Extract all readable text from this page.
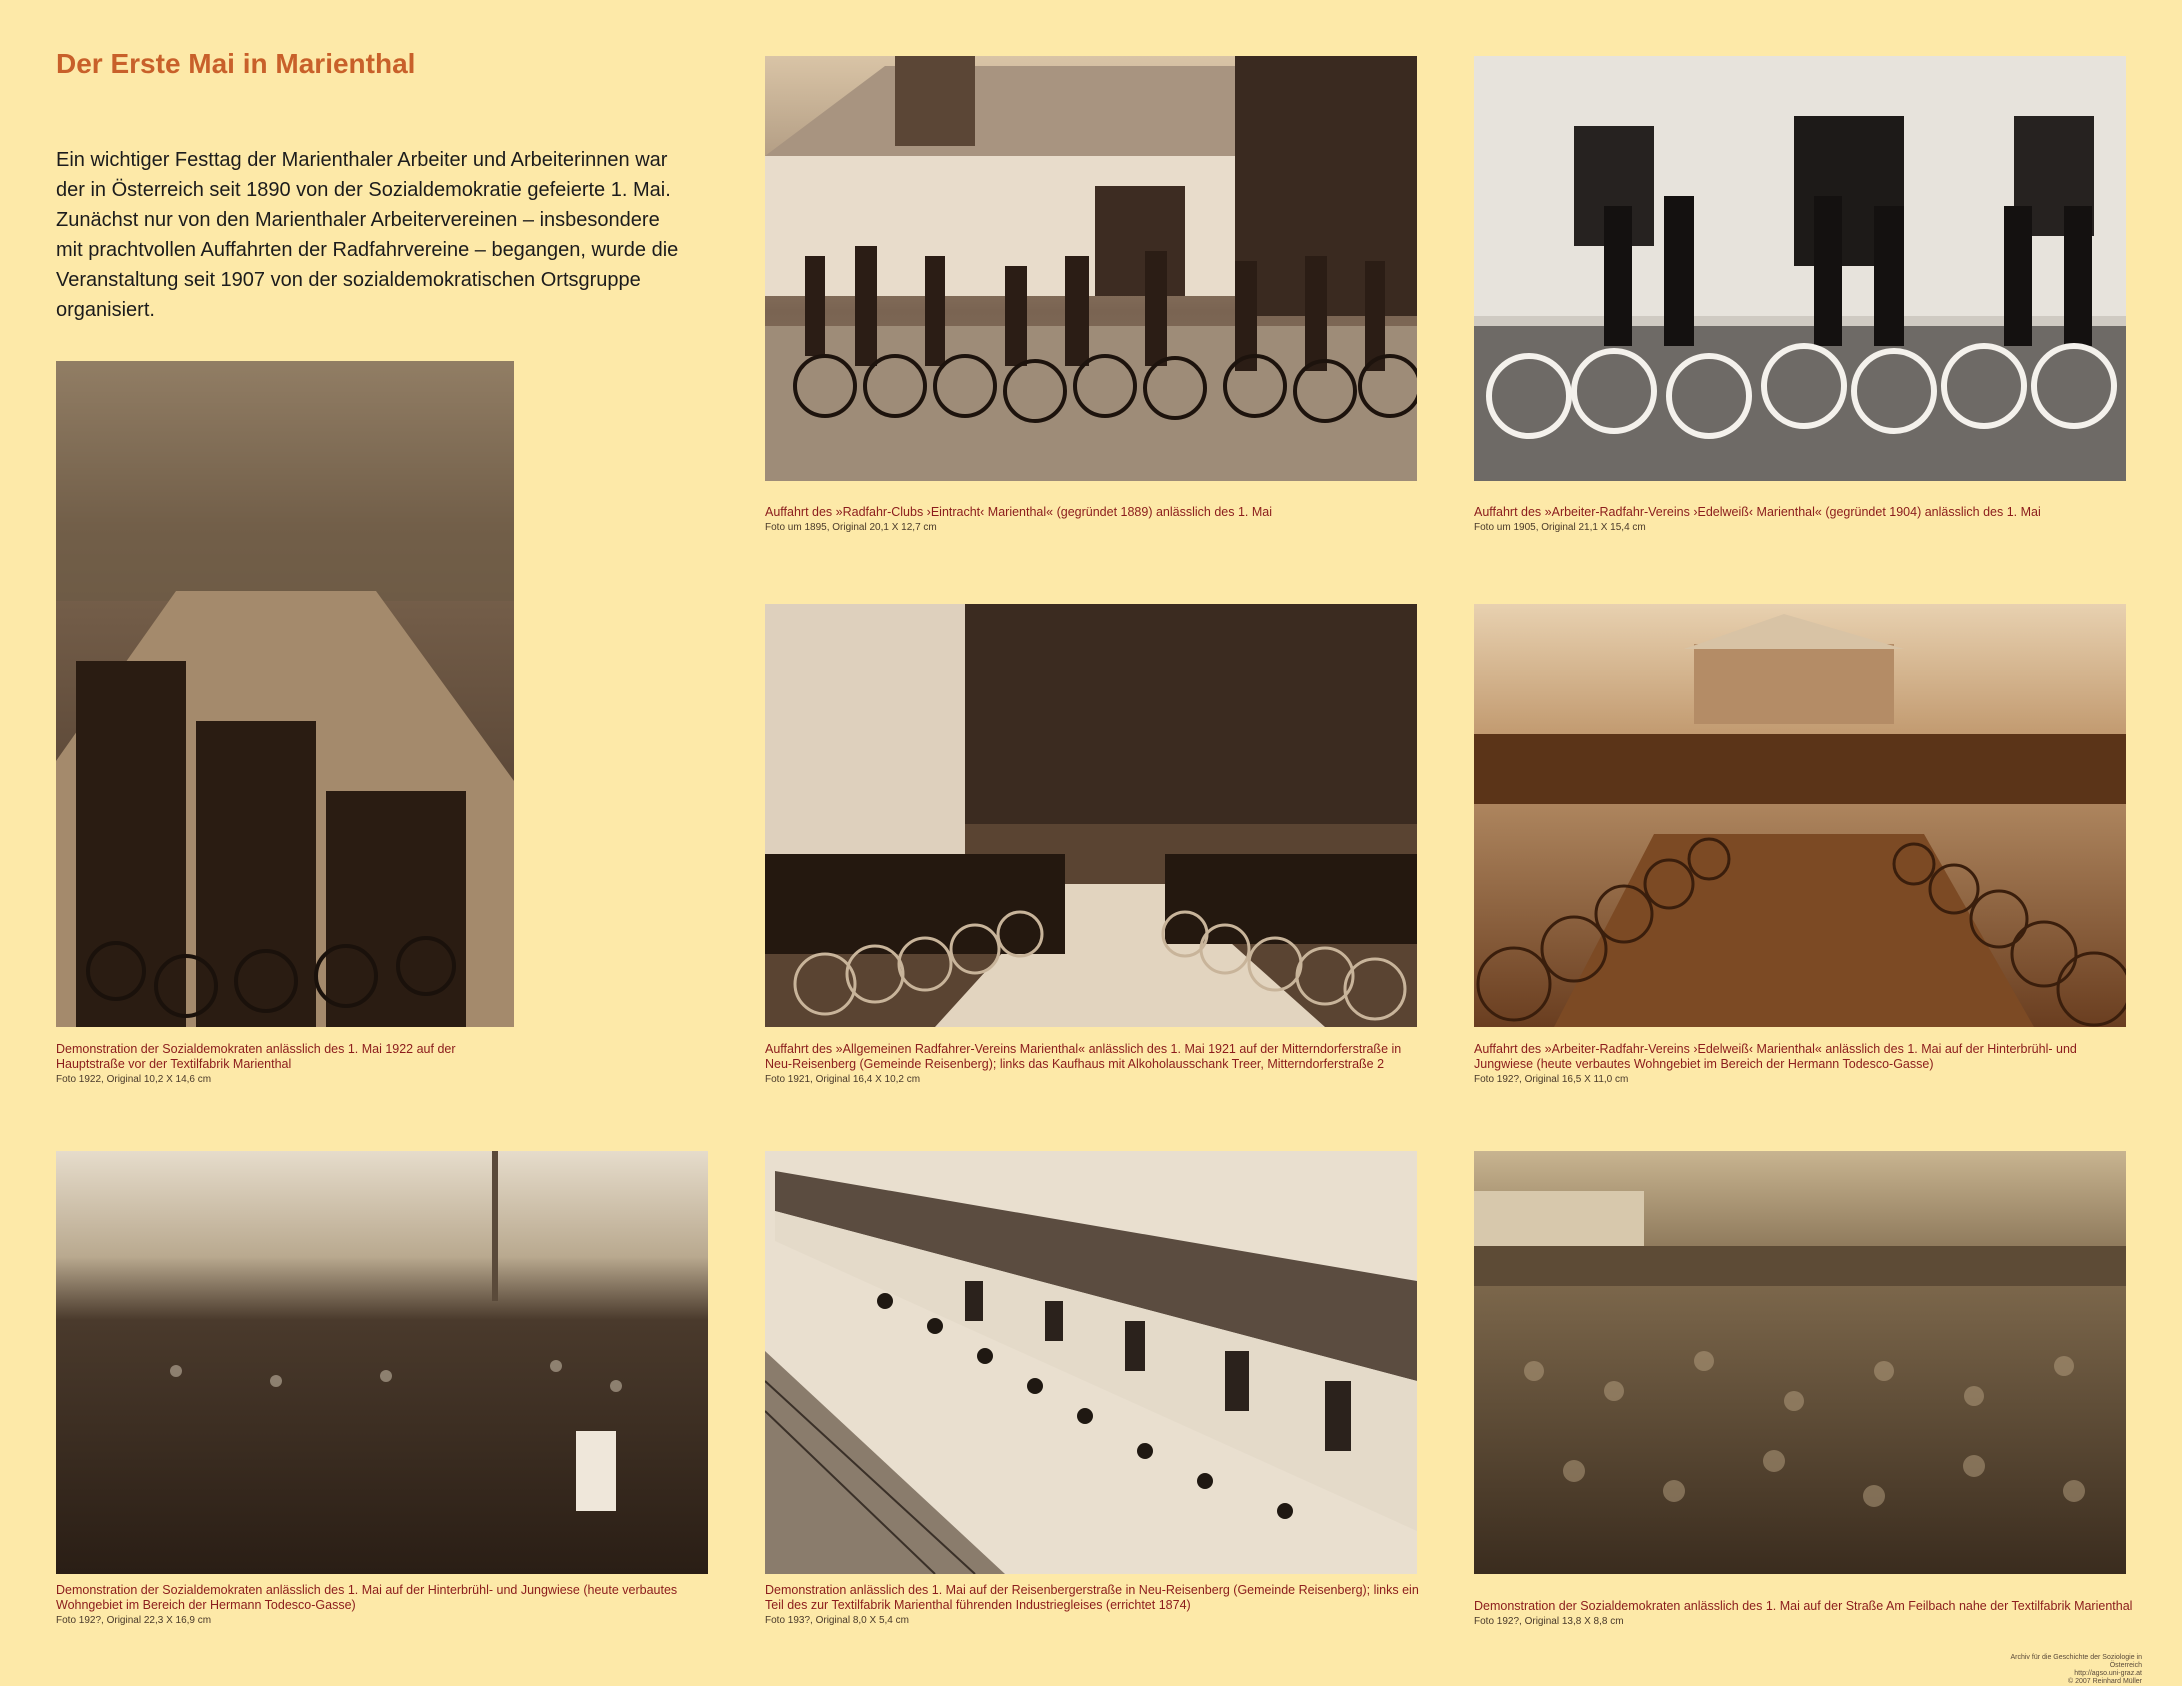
Der Erste Mai in Marienthal

Ein wichtiger Festtag der Marienthaler Arbeiter und Arbeiterinnen war der in Österreich seit 1890 von der Sozialdemokratie gefeierte 1. Mai. Zunächst nur von den Marienthaler Arbeitervereinen – insbesondere mit prachtvollen Auffahrten der Radfahrvereine – begangen, wurde die Veranstaltung seit 1907 von der sozialdemokratischen Ortsgruppe organisiert.

Auffahrt des »Radfahr-Clubs ›Eintracht‹ Marienthal« (gegründet 1889) anlässlich des 1. Mai
Foto um 1895, Original 20,1 X 12,7 cm

Auffahrt des »Arbeiter-Radfahr-Vereins ›Edelweiß‹ Marienthal« (gegründet 1904) anlässlich des 1. Mai
Foto um 1905, Original 21,1 X 15,4 cm

Demonstration der Sozialdemokraten anlässlich des 1. Mai 1922 auf der Hauptstraße vor der Textilfabrik Marienthal
Foto 1922, Original 10,2 X 14,6 cm

Auffahrt des »Allgemeinen Radfahrer-Vereins Marienthal« anlässlich des 1. Mai 1921 auf der Mitterndorferstraße in Neu-Reisenberg (Gemeinde Reisenberg); links das Kaufhaus mit Alkoholausschank Treer, Mitterndorferstraße 2
Foto 1921, Original 16,4 X 10,2 cm

Auffahrt des »Arbeiter-Radfahr-Vereins ›Edelweiß‹ Marienthal« anlässlich des 1. Mai auf der Hinterbrühl- und Jungwiese (heute verbautes Wohngebiet im Bereich der Hermann Todesco-Gasse)
Foto 192?, Original 16,5 X 11,0 cm

Demonstration der Sozialdemokraten anlässlich des 1. Mai auf der Hinterbrühl- und Jungwiese (heute verbautes Wohngebiet im Bereich der Hermann Todesco-Gasse)
Foto 192?, Original 22,3 X 16,9 cm

Demonstration anlässlich des 1. Mai auf der Reisenbergerstraße in Neu-Reisenberg (Gemeinde Reisenberg); links ein Teil des zur Textilfabrik Marienthal führenden Industriegleises (errichtet 1874)
Foto 193?, Original 8,0 X 5,4 cm

Demonstration der Sozialdemokraten anlässlich des 1. Mai auf der Straße Am Feilbach nahe der Textilfabrik Marienthal
Foto 192?, Original 13,8 X 8,8 cm

Archiv für die Geschichte der Soziologie in Österreich
http://agso.uni-graz.at
© 2007 Reinhard Müller
